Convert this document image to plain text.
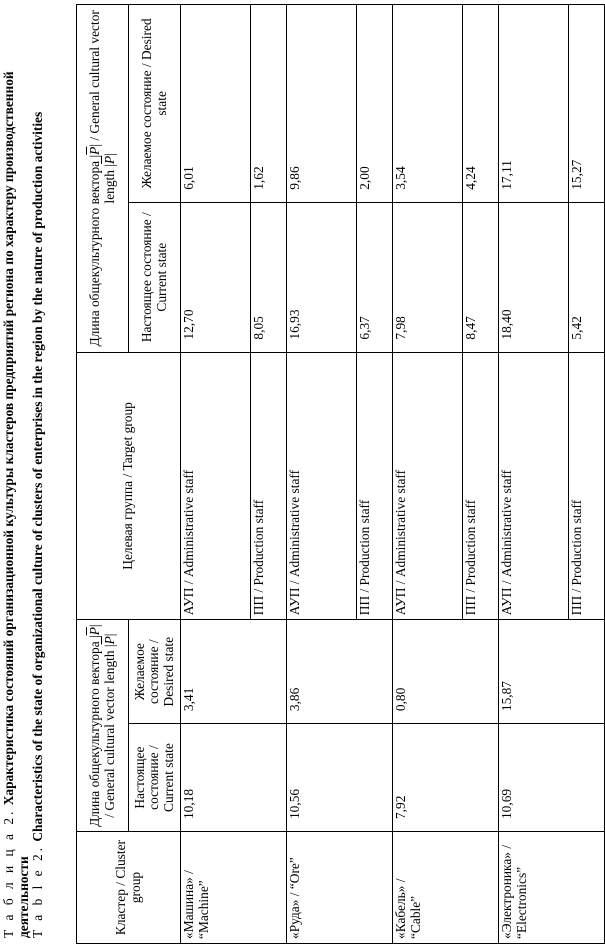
Т а б л и ц а 2. Характеристика состояний организационной культуры кластеров предприятий региона по характеру производственной деятельности
T a b l e 2. Characteristics of the state of organizational culture of clusters of enterprises in the region by the nature of production activities
Кластер / Cluster group	Длина общекультурного вектора $|\overline{P}|$ / General cultural vector length $|\overline{P}|$		Целевая группа / Target group	Длина общекультурного вектора $|\overline{P}|$ / General cultural vector length $|\overline{P}|$	
	Настоящее состояние / Current state	Желаемое состояние / Desired state		Настоящее состояние / Current state	Желаемое состояние / Desired state
«Машина» / “Machine”	10,18	3,41	АУП / Administrative staff	12,70	6,01
			ПП / Production staff	8,05	1,62
«Руда» / “Ore”	10,56	3,86	АУП / Administrative staff	16,93	9,86
			ПП / Production staff	6,37	2,00
«Кабель» / “Cable”	7,92	0,80	АУП / Administrative staff	7,98	3,54
			ПП / Production staff	8,47	4,24
«Электроника» / “Electronics”	10,69	15,87	АУП / Administrative staff	18,40	17,11
			ПП / Production staff	5,42	15,27
